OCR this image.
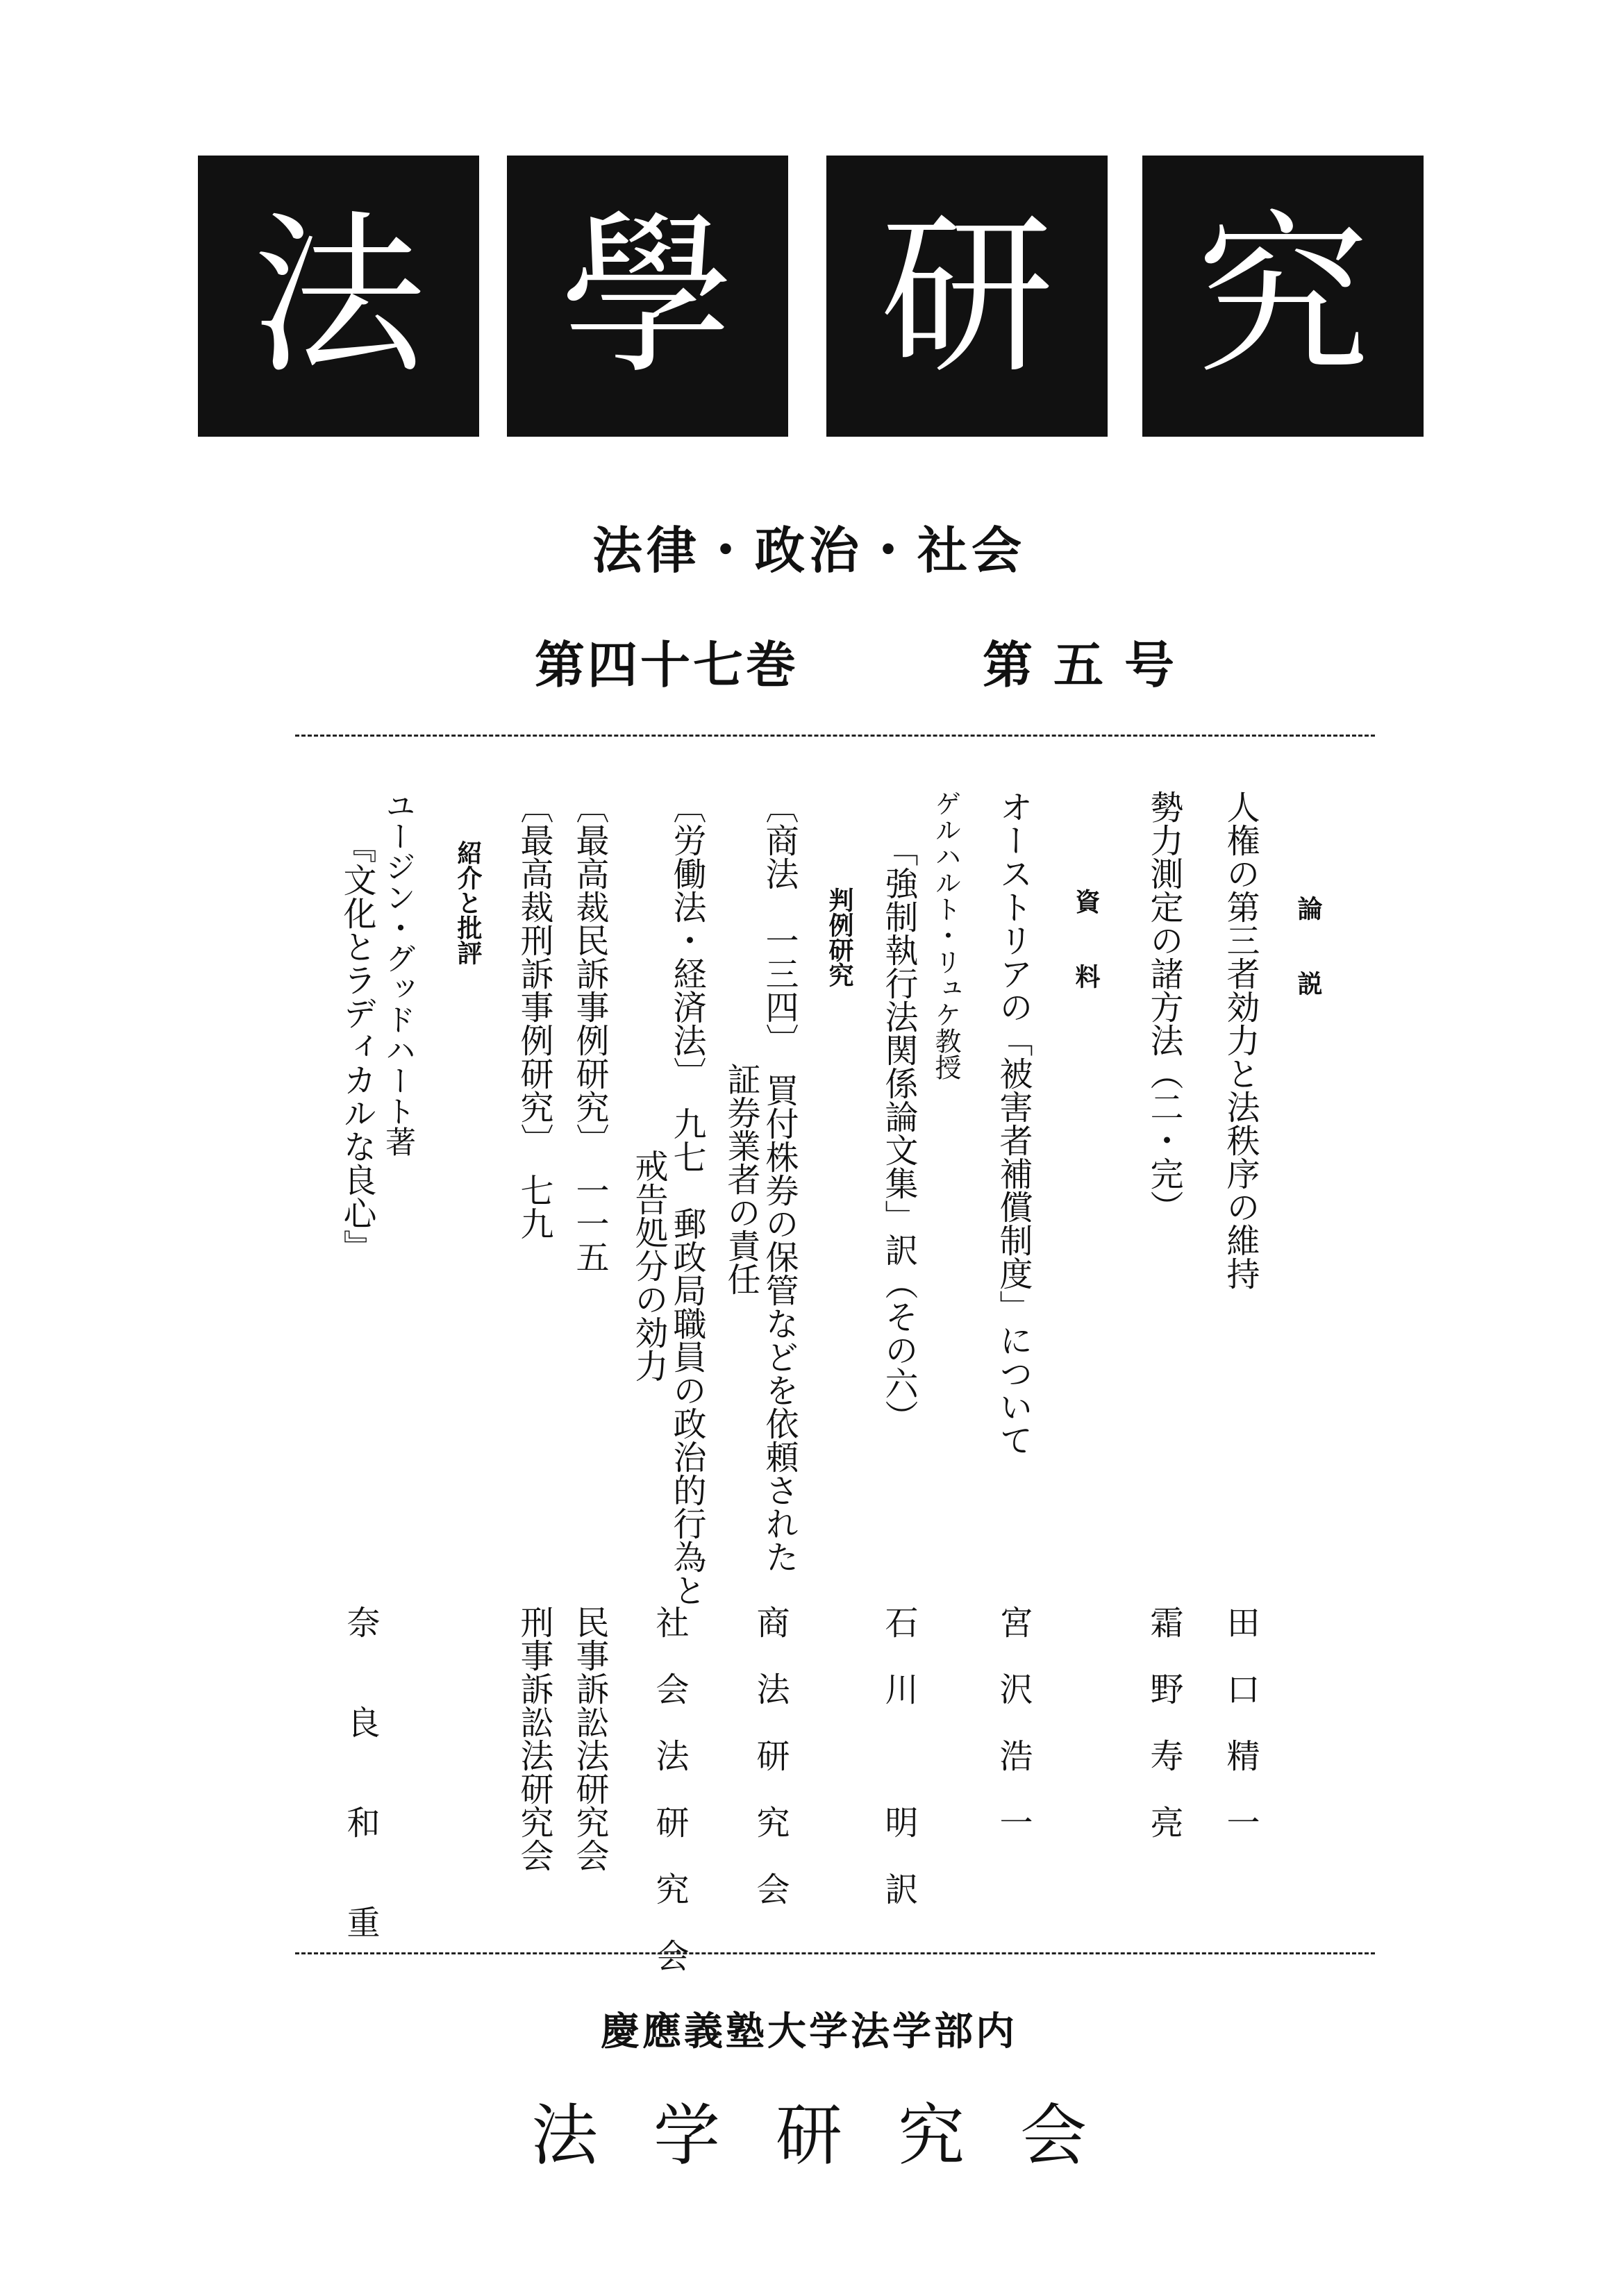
法 學 研 究
法律・政治・社会
第四十七巻	第五号
論　　説
人権の第三者効力と法秩序の維持
田　口　精　一
勢力測定の諸方法（二・完）
霜　野　寿　亮
資　　料
オーストリアの「被害者補償制度」について
宮　沢　浩　一
ゲルハルト・リュケ教授
「強制執行法関係論文集」訳（その六）
石　川　　　明　訳
判例研究
〔商法　一三四〕　買付株券の保管などを依頼された
証券業者の責任
商　法　研　究　会
〔労働法・経済法〕　九七　郵政局職員の政治的行為と
戒告処分の効力
社　会　法　研　究　会
〔最高裁民訴事例研究〕　一一五
民事訴訟法研究会
〔最高裁刑訴事例研究〕　七九
刑事訴訟法研究会
紹介と批評
ユージン・グッドハート著
『文化とラディカルな良心』
奈　　良　　和　　重
慶應義塾大学法学部内
法学研究会
